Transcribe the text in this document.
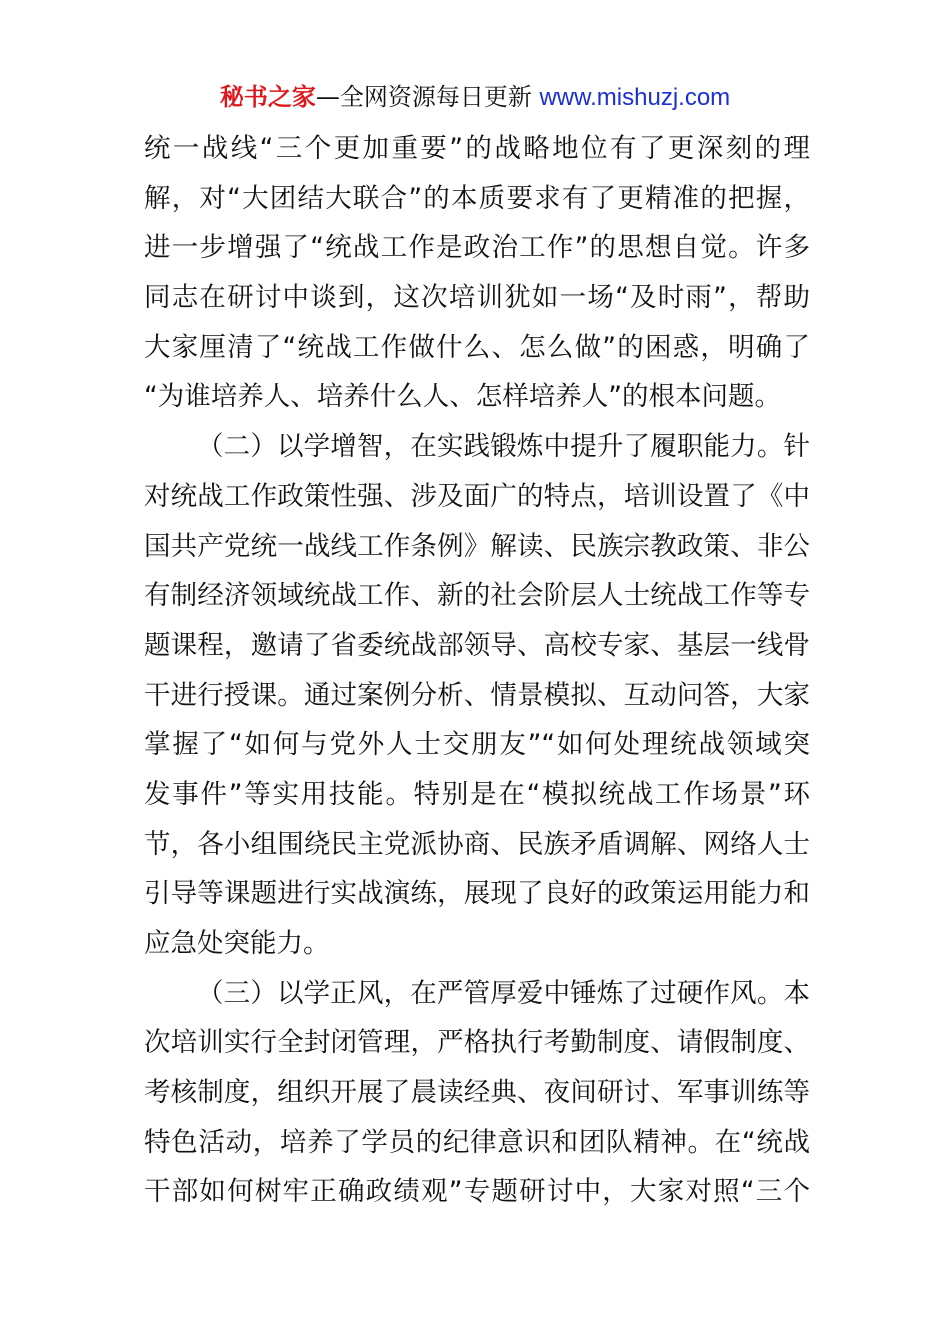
秘书之家—全网资源每日更新 www.mishuzj.com
统一战线“三个更加重要”的战略地位有了更深刻的理
解，对“大团结大联合”的本质要求有了更精准的把握，
进一步增强了“统战工作是政治工作”的思想自觉。许多
同志在研讨中谈到，这次培训犹如一场“及时雨”，帮助
大家厘清了“统战工作做什么、怎么做”的困惑，明确了
“为谁培养人、培养什么人、怎样培养人”的根本问题。
（二）以学增智，在实践锻炼中提升了履职能力。针
对统战工作政策性强、涉及面广的特点，培训设置了《中
国共产党统一战线工作条例》解读、民族宗教政策、非公
有制经济领域统战工作、新的社会阶层人士统战工作等专
题课程，邀请了省委统战部领导、高校专家、基层一线骨
干进行授课。通过案例分析、情景模拟、互动问答，大家
掌握了“如何与党外人士交朋友”“如何处理统战领域突
发事件”等实用技能。特别是在“模拟统战工作场景”环
节，各小组围绕民主党派协商、民族矛盾调解、网络人士
引导等课题进行实战演练，展现了良好的政策运用能力和
应急处突能力。
（三）以学正风，在严管厚爱中锤炼了过硬作风。本
次培训实行全封闭管理，严格执行考勤制度、请假制度、
考核制度，组织开展了晨读经典、夜间研讨、军事训练等
特色活动，培养了学员的纪律意识和团队精神。在“统战
干部如何树牢正确政绩观”专题研讨中，大家对照“三个
